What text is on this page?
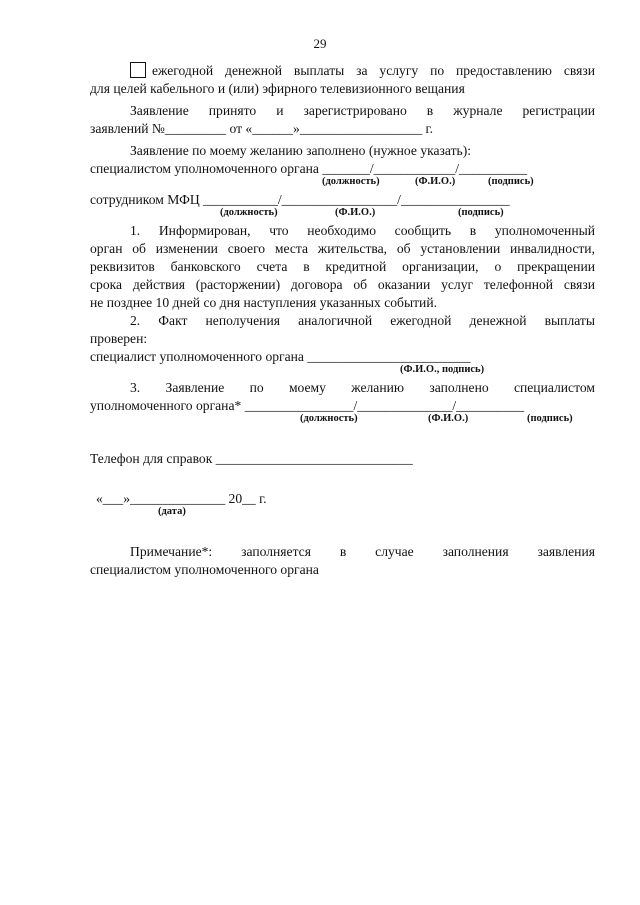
29
ежегодной денежной выплаты за услугу по предоставлению связи
для целей кабельного и (или) эфирного телевизионного вещания
Заявление принято и зарегистрировано в журнале регистрации
заявлений №_________ от «______»__________________ г.
Заявление по моему желанию заполнено (нужное указать):
специалистом уполномоченного органа _______/____________/__________
(должность)	(Ф.И.О.)	(подпись)
сотрудником МФЦ ___________/_________________/________________
(должность)	(Ф.И.О.)	(подпись)
1. Информирован, что необходимо сообщить в уполномоченный
орган об изменении своего места жительства, об установлении инвалидности,
реквизитов банковского счета в кредитной организации, о прекращении
срока действия (расторжении) договора об оказании услуг телефонной связи
не позднее 10 дней со дня наступления указанных событий.
2. Факт неполучения аналогичной ежегодной денежной выплаты
проверен:
специалист уполномоченного органа ________________________
(Ф.И.О., подпись)
3. Заявление по моему желанию заполнено специалистом
уполномоченного органа* ________________/______________/__________
(должность)	(Ф.И.О.)	(подпись)
Телефон для справок _____________________________
«___»______________ 20__ г.
(дата)
Примечание*: заполняется в случае заполнения заявления
специалистом уполномоченного органа
